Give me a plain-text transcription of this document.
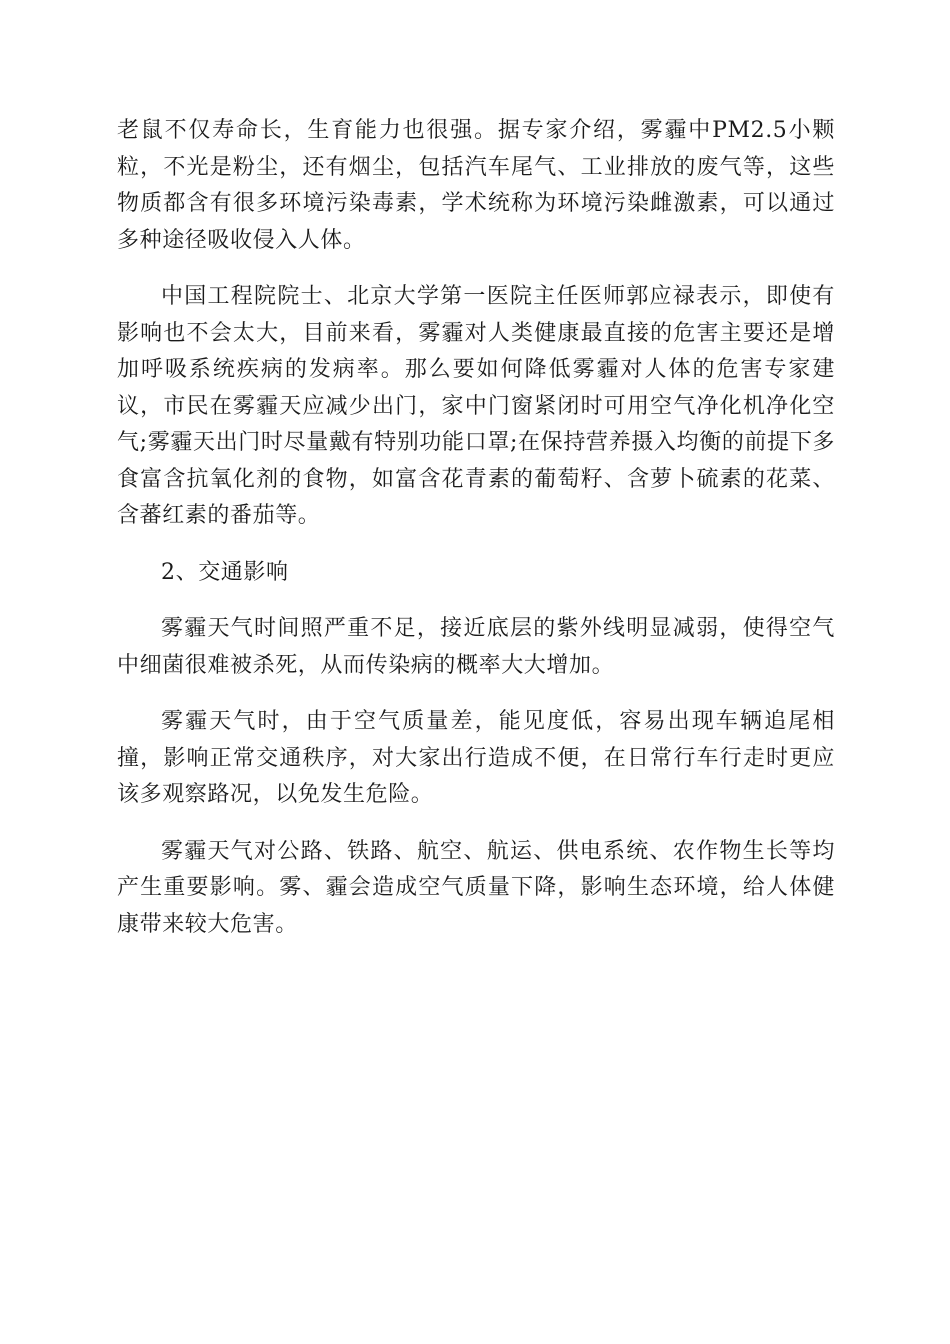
老鼠不仅寿命长，生育能力也很强。据专家介绍，雾霾中PM2.5小颗粒，不光是粉尘，还有烟尘，包括汽车尾气、工业排放的废气等，这些物质都含有很多环境污染毒素，学术统称为环境污染雌激素，可以通过多种途径吸收侵入人体。

中国工程院院士、北京大学第一医院主任医师郭应禄表示，即使有影响也不会太大，目前来看，雾霾对人类健康最直接的危害主要还是增加呼吸系统疾病的发病率。那么要如何降低雾霾对人体的危害专家建议，市民在雾霾天应减少出门，家中门窗紧闭时可用空气净化机净化空气;雾霾天出门时尽量戴有特别功能口罩;在保持营养摄入均衡的前提下多食富含抗氧化剂的食物，如富含花青素的葡萄籽、含萝卜硫素的花菜、含蕃红素的番茄等。

2、交通影响

雾霾天气时间照严重不足，接近底层的紫外线明显减弱，使得空气中细菌很难被杀死，从而传染病的概率大大增加。

雾霾天气时，由于空气质量差，能见度低，容易出现车辆追尾相撞，影响正常交通秩序，对大家出行造成不便，在日常行车行走时更应该多观察路况，以免发生危险。

雾霾天气对公路、铁路、航空、航运、供电系统、农作物生长等均产生重要影响。雾、霾会造成空气质量下降，影响生态环境，给人体健康带来较大危害。
